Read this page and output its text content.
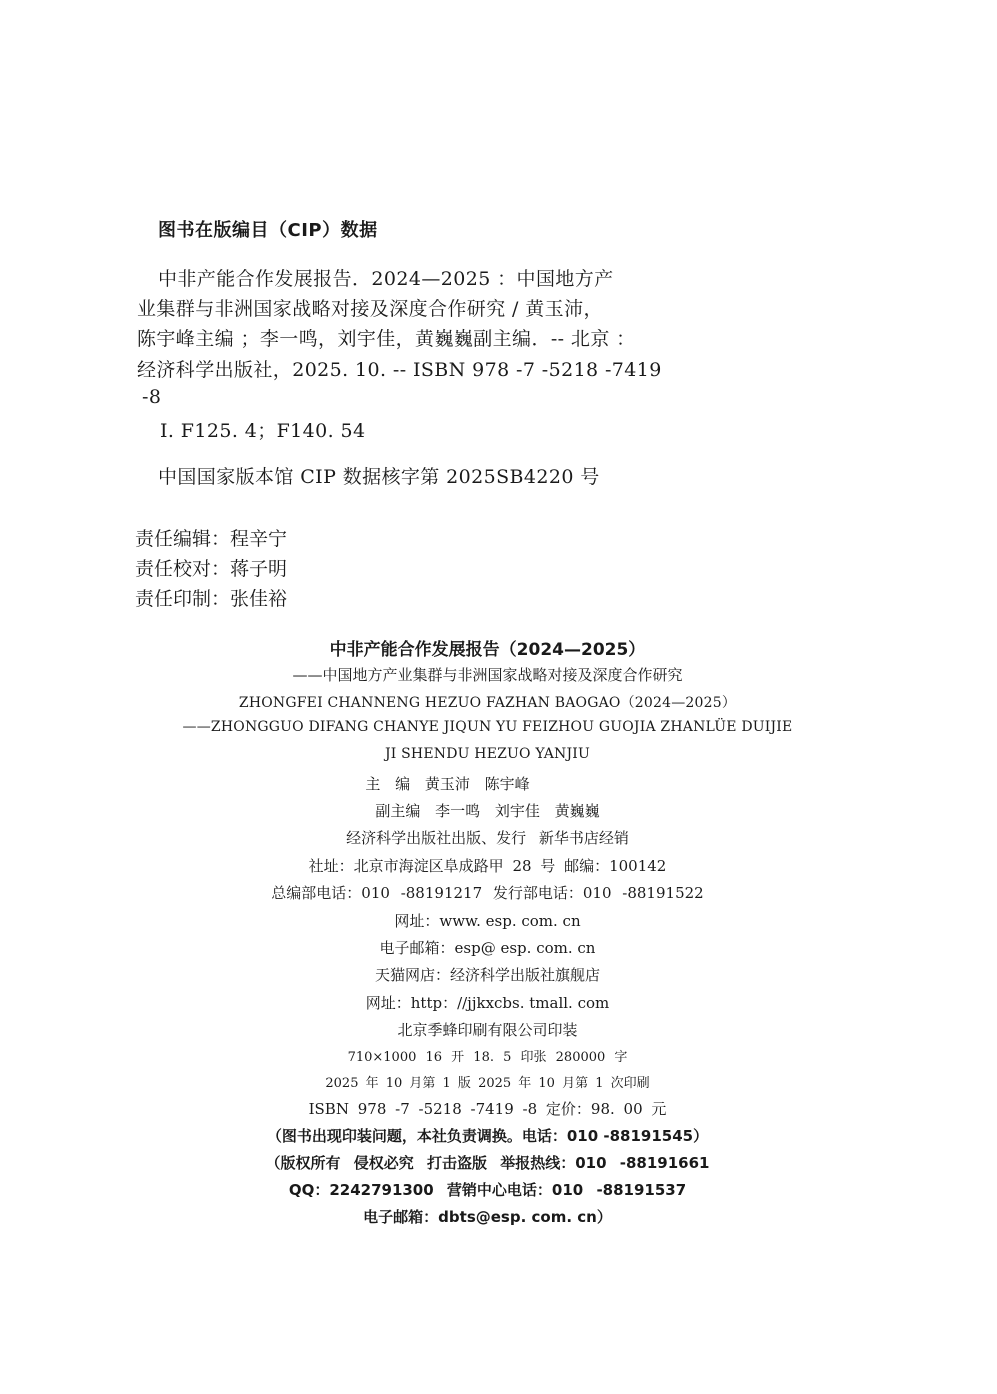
图书在版编目（CIP）数据
中非产能合作发展报告．2024—2025 ：中国地方产
业集群与非洲国家战略对接及深度合作研究 / 黄玉沛，
陈宇峰主编 ；李一鸣，刘宇佳，黄巍巍副主编．-- 北京 ：
经济科学出版社，2025. 10. -- ISBN 978 -7 -5218 -7419
-8
Ⅰ. F125. 4；F140. 54
中国国家版本馆 CIP 数据核字第 2025SB4220 号
责任编辑：程辛宁
责任校对：蒋子明
责任印制：张佳裕
中非产能合作发展报告（2024—2025）
——中国地方产业集群与非洲国家战略对接及深度合作研究
ZHONGFEI CHANNENG HEZUO FAZHAN BAOGAO（2024—2025）
——ZHONGGUO DIFANG CHANYE JIQUN YU FEIZHOU GUOJIA ZHANLÜE DUIJIE
JI SHENDU HEZUO YANJIU
主 编 黄玉沛 陈宇峰
副主编 李一鸣 刘宇佳 黄巍巍
经济科学出版社出版、发行 新华书店经销
社址：北京市海淀区阜成路甲 28 号 邮编：100142
总编部电话：010 -88191217 发行部电话：010 -88191522
网址：www. esp. com. cn
电子邮箱：esp@ esp. com. cn
天猫网店：经济科学出版社旗舰店
网址：http：//jjkxcbs. tmall. com
北京季蜂印刷有限公司印装
710×1000 16 开 18. 5 印张 280000 字
2025 年 10 月第 1 版 2025 年 10 月第 1 次印刷
ISBN 978 -7 -5218 -7419 -8 定价：98. 00 元
（图书出现印装问题，本社负责调换。电话：010 -88191545）
（版权所有 侵权必究 打击盗版 举报热线：010 -88191661
QQ：2242791300 营销中心电话：010 -88191537
电子邮箱：dbts@esp. com. cn）
